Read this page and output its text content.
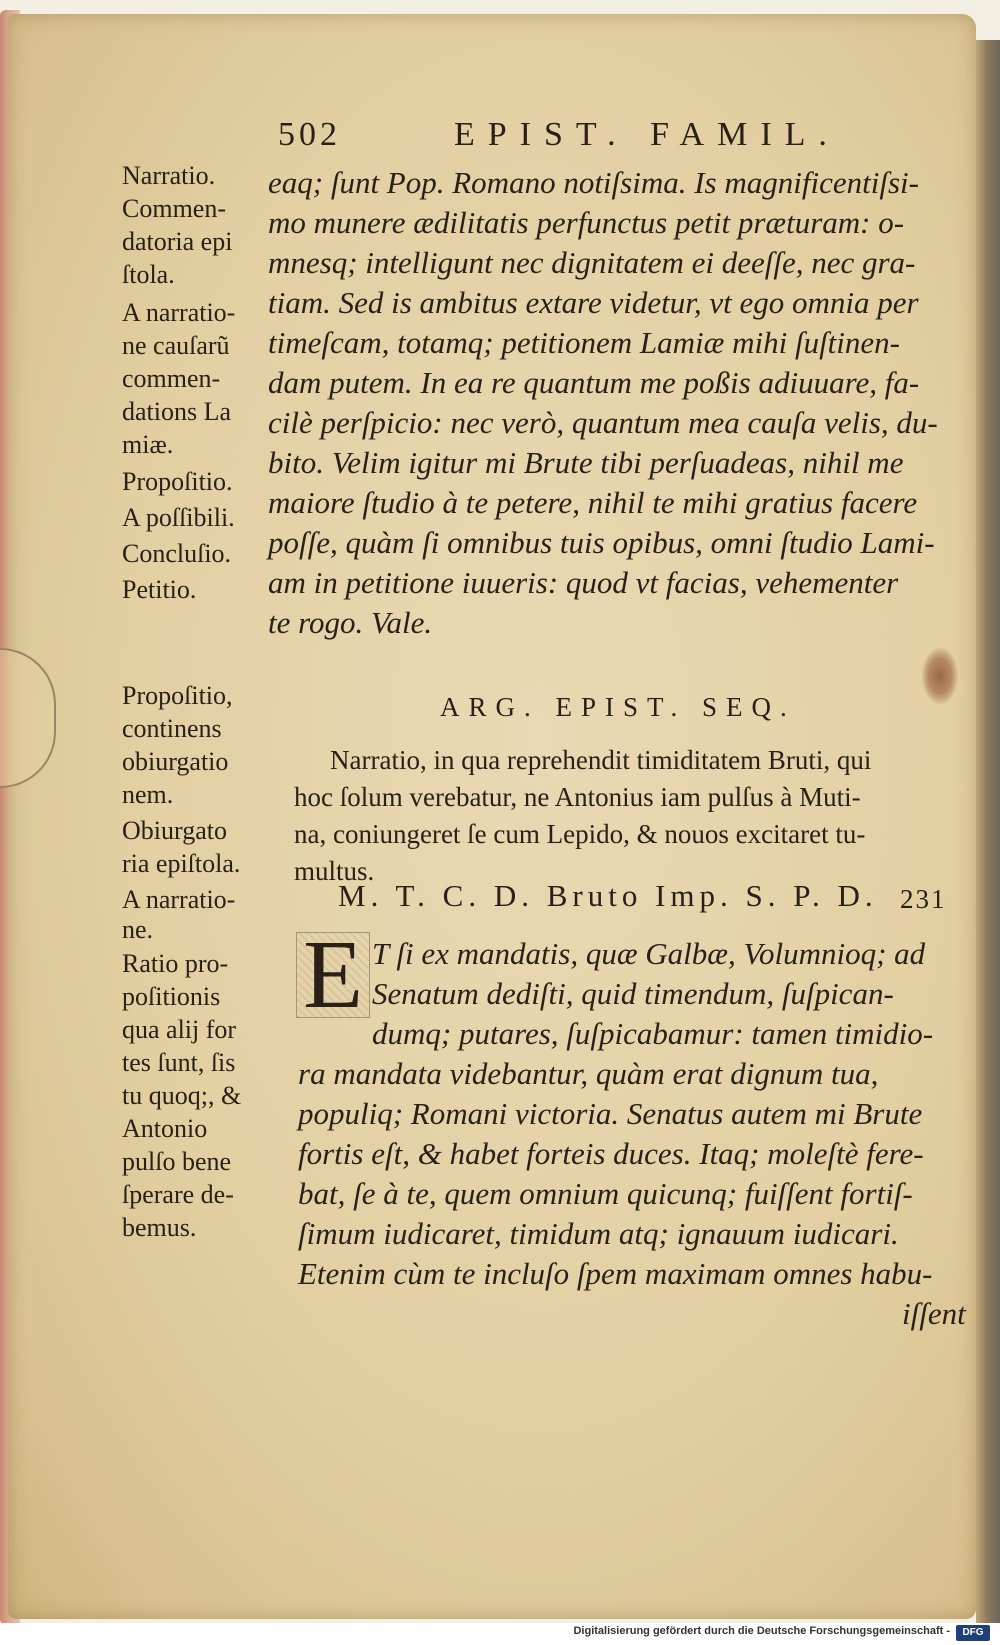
502	EPIST. FAMIL.
Narratio.
Commen-
datoria epi
ſtola.
A narratio-
ne cauſarũ
commen-
dations La
miæ.
Propoſitio.
A poſſibili.
Concluſio.
Petitio.
eaq; ſunt Pop. Romano notiſsima. Is magnificentiſsi-
mo munere ædilitatis perfunctus petit præturam: o-
mnesq; intelligunt nec dignitatem ei deeſſe, nec gra-
tiam. Sed is ambitus extare videtur, vt ego omnia per
timeſcam, totamq; petitionem Lamiæ mihi ſuſtinen-
dam putem. In ea re quantum me poßis adiuuare, fa-
cilè perſpicio: nec verò, quantum mea cauſa velis, du-
bito. Velim igitur mi Brute tibi perſuadeas, nihil me
maiore ſtudio à te petere, nihil te mihi gratius facere
poſſe, quàm ſi omnibus tuis opibus, omni ſtudio Lami-
am in petitione iuueris: quod vt facias, vehementer
te rogo. Vale.
Propoſitio,
continens
obiurgatio
nem.
Obiurgato
ria epiſtola.
A narratio-
ne.
Ratio pro-
poſitionis
qua alij for
tes ſunt, ſis
tu quoq;, &
Antonio
pulſo bene
ſperare de-
bemus.
ARG. EPIST. SEQ.
Narratio, in qua reprehendit timiditatem Bruti, qui
hoc ſolum verebatur, ne Antonius iam pulſus à Muti-
na, coniungeret ſe cum Lepido, & nouos excitaret tu-
multus.
M. T. C. D. Bruto Imp. S. P. D. 231
E T ſi ex mandatis, quæ Galbæ, Volumnioq; ad
Senatum dediſti, quid timendum, ſuſpican-
dumq; putares, ſuſpicabamur: tamen timidio-
ra mandata videbantur, quàm erat dignum tua,
populiq; Romani victoria. Senatus autem mi Brute
fortis eſt, & habet forteis duces. Itaq; moleſtè fere-
bat, ſe à te, quem omnium quicunq; fuiſſent fortiſ-
ſimum iudicaret, timidum atq; ignauum iudicari.
Etenim cùm te incluſo ſpem maximam omnes habu-
iſſent
Digitalisierung gefördert durch die Deutsche Forschungsgemeinschaft -	DFG
